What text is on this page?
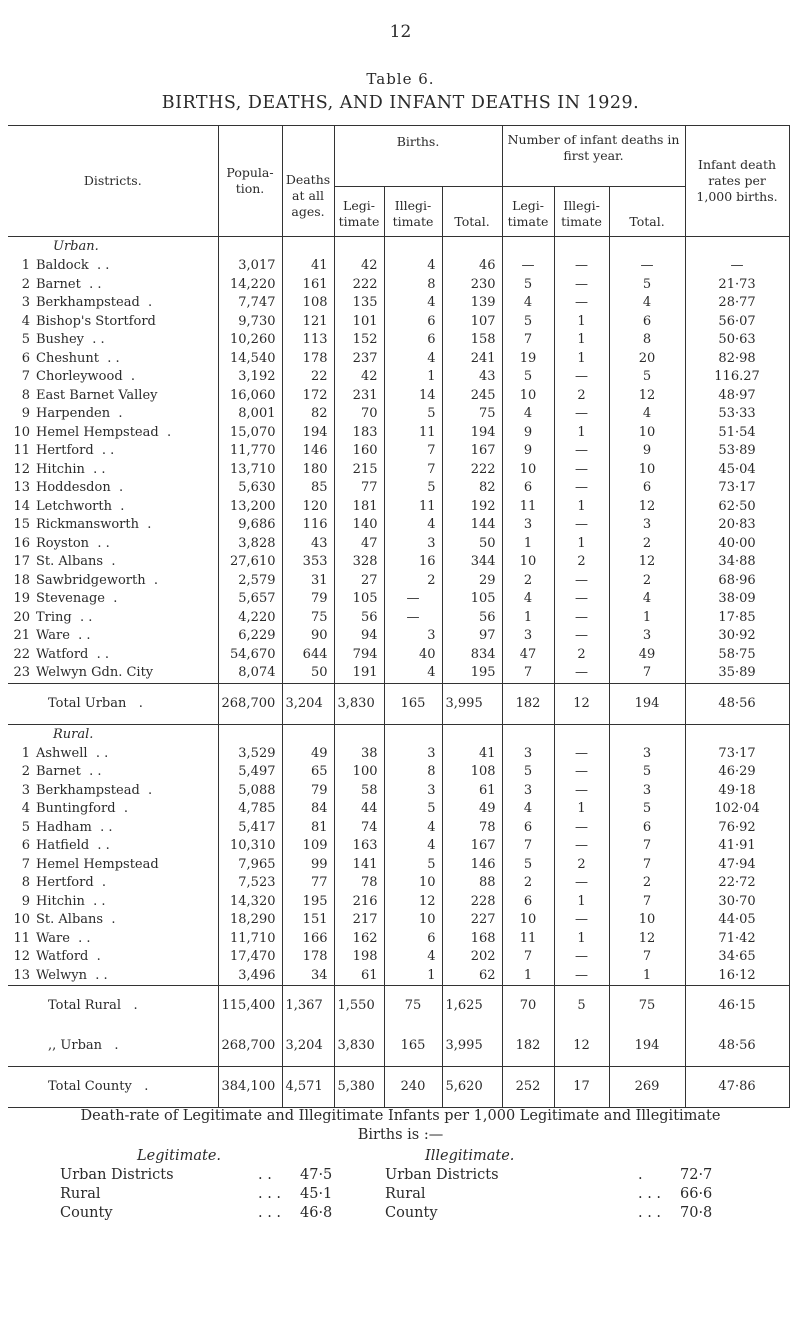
12
Table 6.
BIRTHS, DEATHS, AND INFANT DEATHS IN 1929.
Districts.	Popula- tion.	Deaths at all ages.	Births.			Number of infant deaths in first year.			Infant death rates per 1,000 births.
			Legi- timate	Illegi- timate	Total.	Legi- timate	Illegi- timate	Total.	
Urban.									
1 Baldock  . .	3,017	41	42	4	46	—	—	—	—
2 Barnet  . .	14,220	161	222	8	230	5	—	5	21·73
3 Berkhampstead  .	7,747	108	135	4	139	4	—	4	28·77
4 Bishop's Stortford	9,730	121	101	6	107	5	1	6	56·07
5 Bushey  . .	10,260	113	152	6	158	7	1	8	50·63
6 Cheshunt  . .	14,540	178	237	4	241	19	1	20	82·98
7 Chorleywood  .	3,192	22	42	1	43	5	—	5	116.27
8 East Barnet Valley	16,060	172	231	14	245	10	2	12	48·97
9 Harpenden  .	8,001	82	70	5	75	4	—	4	53·33
10 Hemel Hempstead  .	15,070	194	183	11	194	9	1	10	51·54
11 Hertford  . .	11,770	146	160	7	167	9	—	9	53·89
12 Hitchin  . .	13,710	180	215	7	222	10	—	10	45·04
13 Hoddesdon  .	5,630	85	77	5	82	6	—	6	73·17
14 Letchworth  .	13,200	120	181	11	192	11	1	12	62·50
15 Rickmansworth  .	9,686	116	140	4	144	3	—	3	20·83
16 Royston  . .	3,828	43	47	3	50	1	1	2	40·00
17 St. Albans  .	27,610	353	328	16	344	10	2	12	34·88
18 Sawbridgeworth  .	2,579	31	27	2	29	2	—	2	68·96
19 Stevenage  .	5,657	79	105	—	105	4	—	4	38·09
20 Tring  . .	4,220	75	56	—	56	1	—	1	17·85
21 Ware  . .	6,229	90	94	3	97	3	—	3	30·92
22 Watford  . .	54,670	644	794	40	834	47	2	49	58·75
23 Welwyn Gdn. City	8,074	50	191	4	195	7	—	7	35·89
Total Urban   .	268,700	3,204	3,830	165	3,995	182	12	194	48·56
Rural.									
1 Ashwell  . .	3,529	49	38	3	41	3	—	3	73·17
2 Barnet  . .	5,497	65	100	8	108	5	—	5	46·29
3 Berkhampstead  .	5,088	79	58	3	61	3	—	3	49·18
4 Buntingford  .	4,785	84	44	5	49	4	1	5	102·04
5 Hadham  . .	5,417	81	74	4	78	6	—	6	76·92
6 Hatfield  . .	10,310	109	163	4	167	7	—	7	41·91
7 Hemel Hempstead	7,965	99	141	5	146	5	2	7	47·94
8 Hertford  .	7,523	77	78	10	88	2	—	2	22·72
9 Hitchin  . .	14,320	195	216	12	228	6	1	7	30·70
10 St. Albans  .	18,290	151	217	10	227	10	—	10	44·05
11 Ware  . .	11,710	166	162	6	168	11	1	12	71·42
12 Watford  .	17,470	178	198	4	202	7	—	7	34·65
13 Welwyn  . .	3,496	34	61	1	62	1	—	1	16·12
Total Rural   .	115,400	1,367	1,550	75	1,625	70	5	75	46·15
,, Urban   .	268,700	3,204	3,830	165	3,995	182	12	194	48·56
Total County   .	384,100	4,571	5,380	240	5,620	252	17	269	47·86
Death-rate of Legitimate and Illegitimate Infants per 1,000 Legitimate and Illegitimate
Births is :—
Legitimate.	Illegitimate.
Urban Districts	. . 47·5
Rural	. . . 45·1
County	. . . 46·8
Urban Districts	.	72·7
Rural	. . . 66·6
County	. . . 70·8
